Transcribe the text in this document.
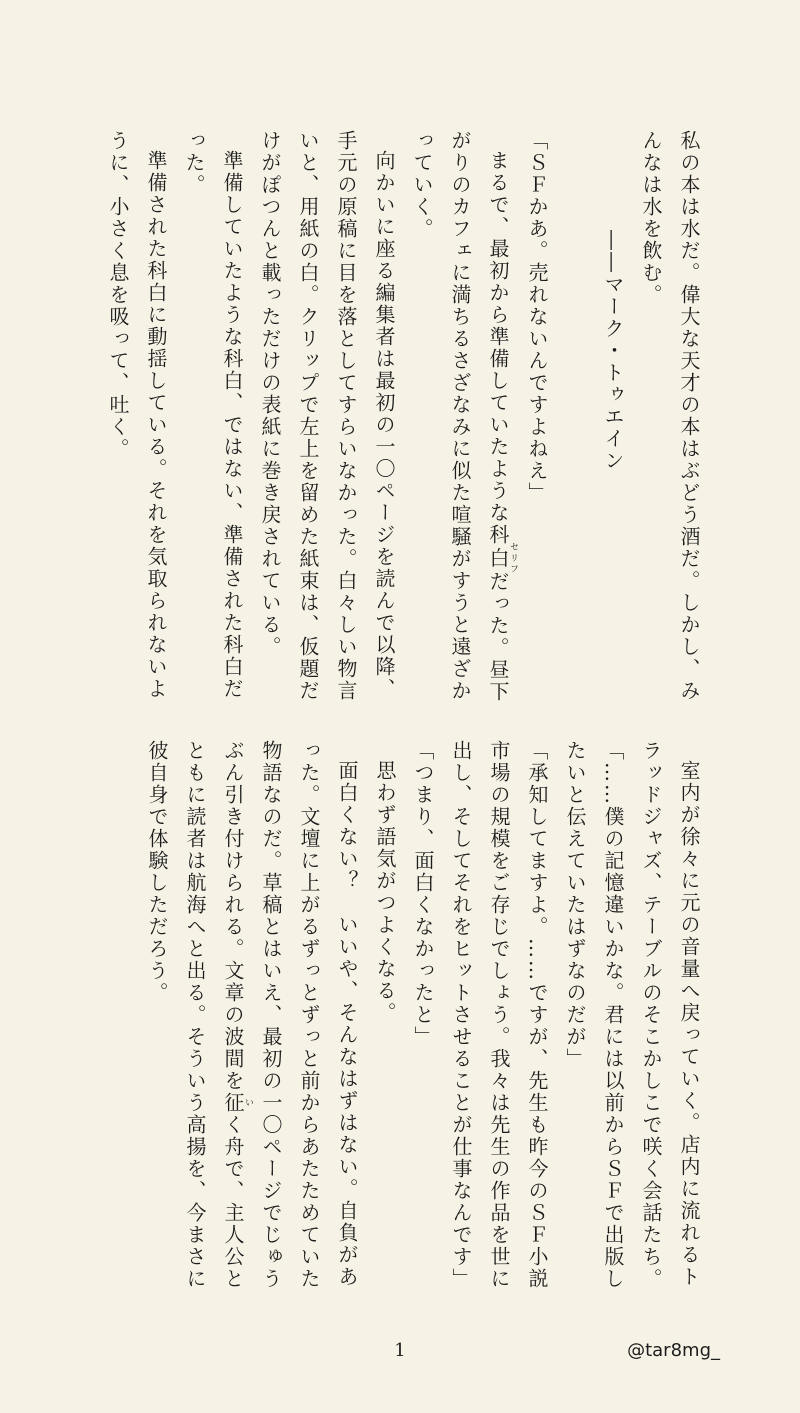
私の本は水だ。偉大な天才の本はぶどう酒だ。しかし、みんなは水を飲む。

――マーク・トゥエイン

「ＳＦかあ。売れないんですよねえ」

まるで、最初から準備していたような科白セリフだった。昼下がりのカフェに満ちるさざなみに似た喧騒がすうと遠ざかっていく。

向かいに座る編集者は最初の一〇ページを読んで以降、手元の原稿に目を落としてすらいなかった。白々しい物言いと、用紙の白。クリップで左上を留めた紙束は、仮題だけがぽつんと載っただけの表紙に巻き戻されている。

準備していたような科白、ではない、準備された科白だった。

準備された科白に動揺している。それを気取られないように、小さく息を吸って、吐く。

室内が徐々に元の音量へ戻っていく。店内に流れるトラッドジャズ、テーブルのそこかしこで咲く会話たち。

「……僕の記憶違いかな。君には以前からＳＦで出版したいと伝えていたはずなのだが」

「承知してますよ。……ですが、先生も昨今のＳＦ小説市場の規模をご存じでしょう。我々は先生の作品を世に出し、そしてそれをヒットさせることが仕事なんです」

「つまり、面白くなかったと」

思わず語気がつよくなる。

面白くない？　いいや、そんなはずはない。自負があった。文壇に上がるずっとずっと前からあたためていた物語なのだ。草稿とはいえ、最初の一〇ページでじゅうぶん引き付けられる。文章の波間を征いく舟で、主人公とともに読者は航海へと出る。そういう高揚を、今まさに彼自身で体験しただろう。

1	@tar8mg_
